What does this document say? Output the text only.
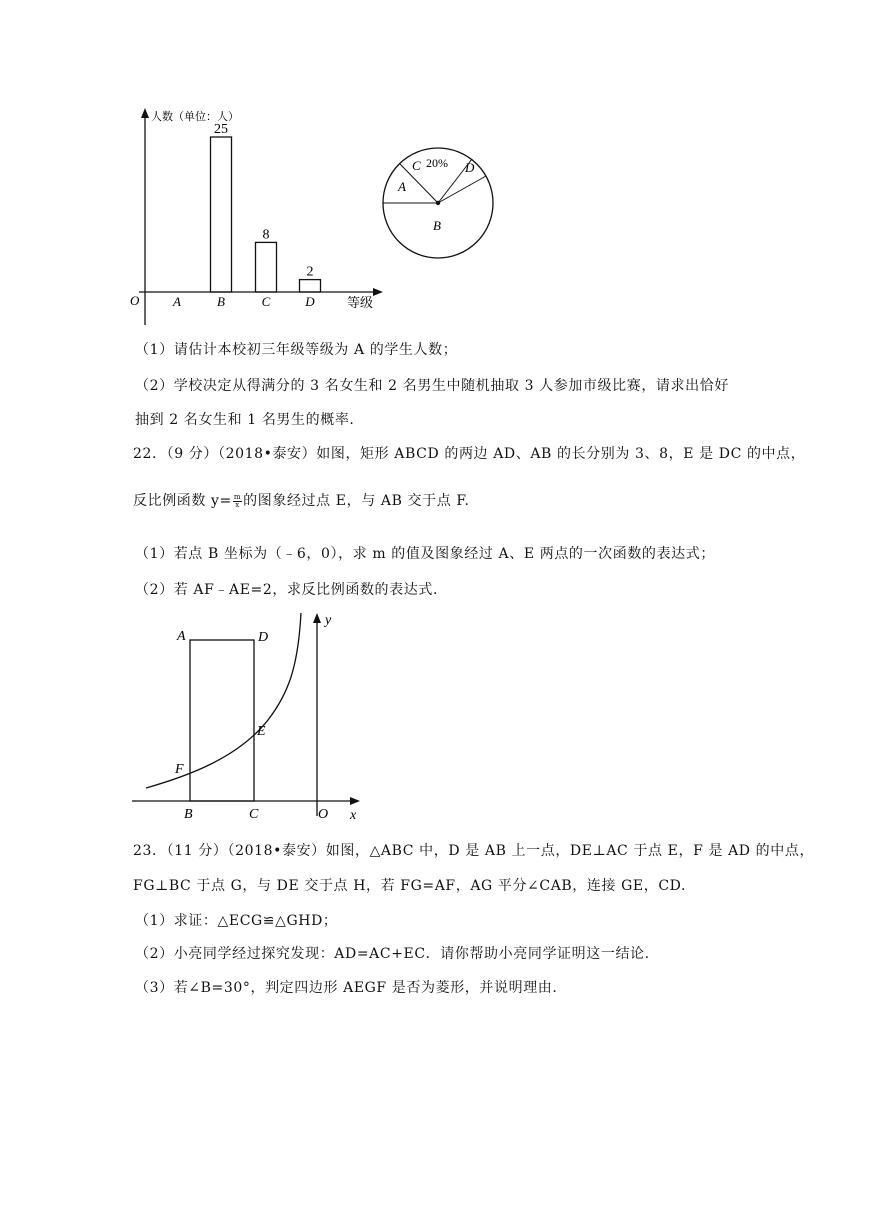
人数（单位：人）
等级
O	A
25
B
8
C
2
D
A
C 20% D
B
（1）请估计本校初三年级等级为 A 的学生人数；
（2）学校决定从得满分的 3 名女生和 2 名男生中随机抽取 3 人参加市级比赛，请求出恰好
抽到 2 名女生和 1 名男生的概率.
22．（9 分）（2018•泰安）如图，矩形 ABCD 的两边 AD、AB 的长分别为 3、8，E 是 DC 的中点，
反比例函数 $y= \frac{m}{x}$ 的图象经过点 E，与 AB 交于点 F.
（1）若点 B 坐标为（﹣6，0），求 m 的值及图象经过 A、E 两点的一次函数的表达式；
（2）若 AF﹣AE=2，求反比例函数的表达式.
A	D
E
F
B	C	O x
y
23．（11 分）（2018•泰安）如图，△ABC 中，D 是 AB 上一点，DE⊥AC 于点 E，F 是 AD 的中点，
FG⊥BC 于点 G，与 DE 交于点 H，若 FG=AF，AG 平分∠CAB，连接 GE，CD.
（1）求证：△ECG≌△GHD；
（2）小亮同学经过探究发现：AD=AC+EC．请你帮助小亮同学证明这一结论.
（3）若∠B=30°，判定四边形 AEGF 是否为菱形，并说明理由.
